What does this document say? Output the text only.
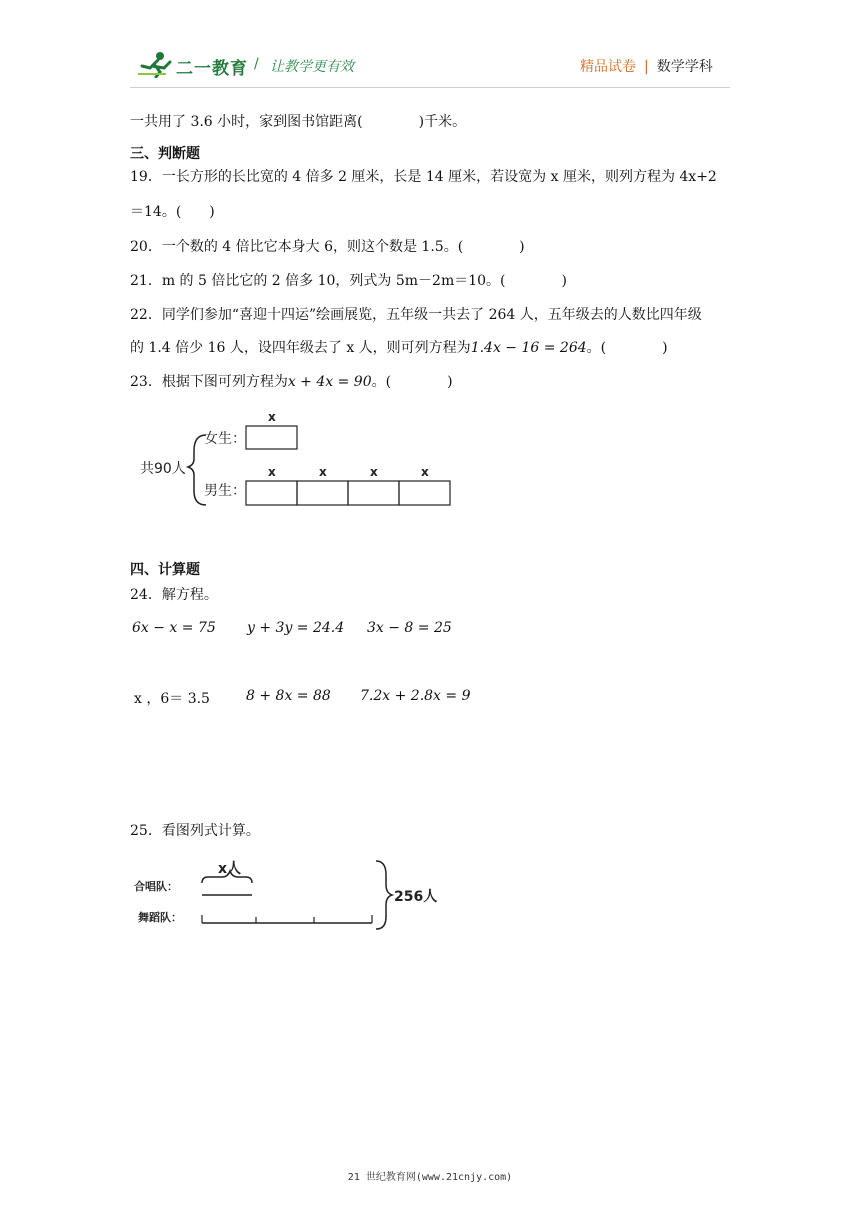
二一教育 / 让教学更有效	精品试卷 | 数学学科
一共用了 3.6 小时，家到图书馆距离(　　　　)千米。
三、判断题
19．一长方形的长比宽的 4 倍多 2 厘米，长是 14 厘米，若设宽为 x 厘米，则列方程为 4x+2
＝14。(　　)
20．一个数的 4 倍比它本身大 6，则这个数是 1.5。(　　　　)
21．m 的 5 倍比它的 2 倍多 10，列式为 5m－2m＝10。(　　　　)
22．同学们参加“喜迎十四运”绘画展览，五年级一共去了 264 人，五年级去的人数比四年级
的 1.4 倍少 16 人，设四年级去了 x 人，则可列方程为1.4x − 16 = 264。(　　　　)
23．根据下图可列方程为x + 4x = 90。(　　　　)
共90人
女生：
男生：
x
x	x	x	x
四、计算题
24．解方程。
6x − x = 75 y + 3y = 24.4 3x − 8 = 25
x ，6＝ 3.5	8 + 8x = 88 7.2x + 2.8x = 9
25．看图列式计算。
x人
合唱队：
舞蹈队：
256人
21 世纪教育网(www.21cnjy.com)
